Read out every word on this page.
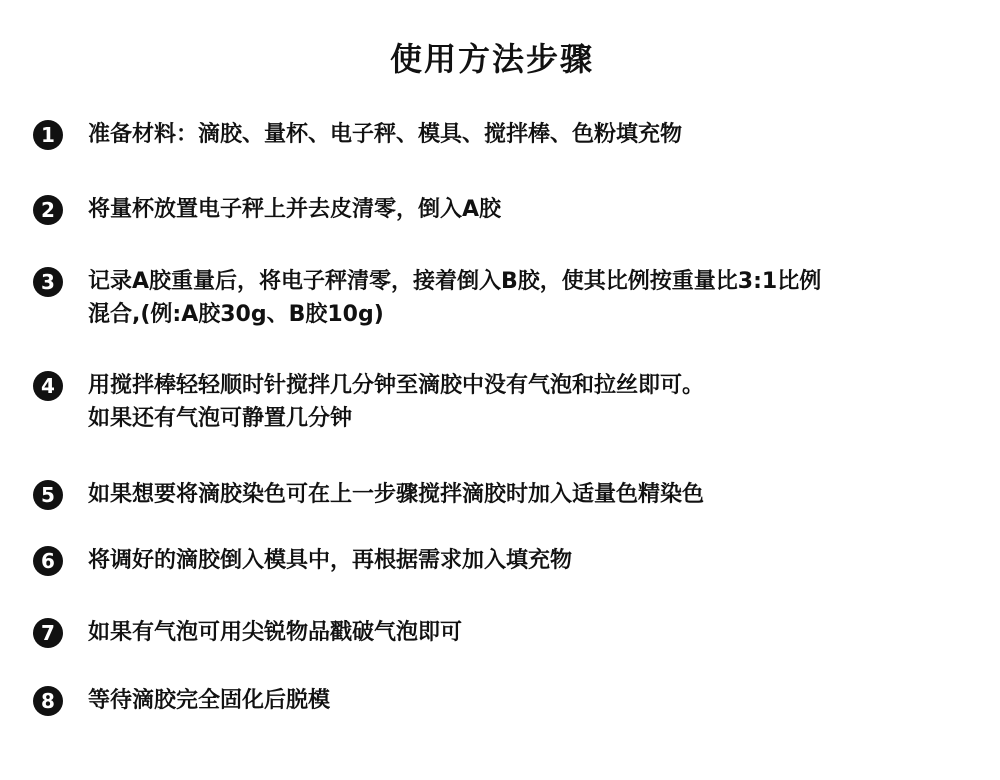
使用方法步骤
1	准备材料：滴胶、量杯、电子秤、模具、搅拌棒、色粉填充物
2	将量杯放置电子秤上并去皮清零，倒入A胶
3	记录A胶重量后，将电子秤清零，接着倒入B胶，使其比例按重量比3:1比例
混合,(例:A胶30g、B胶10g)
4	用搅拌棒轻轻顺时针搅拌几分钟至滴胶中没有气泡和拉丝即可。
如果还有气泡可静置几分钟
5	如果想要将滴胶染色可在上一步骤搅拌滴胶时加入适量色精染色
6	将调好的滴胶倒入模具中，再根据需求加入填充物
7	如果有气泡可用尖锐物品戳破气泡即可
8	等待滴胶完全固化后脱模
